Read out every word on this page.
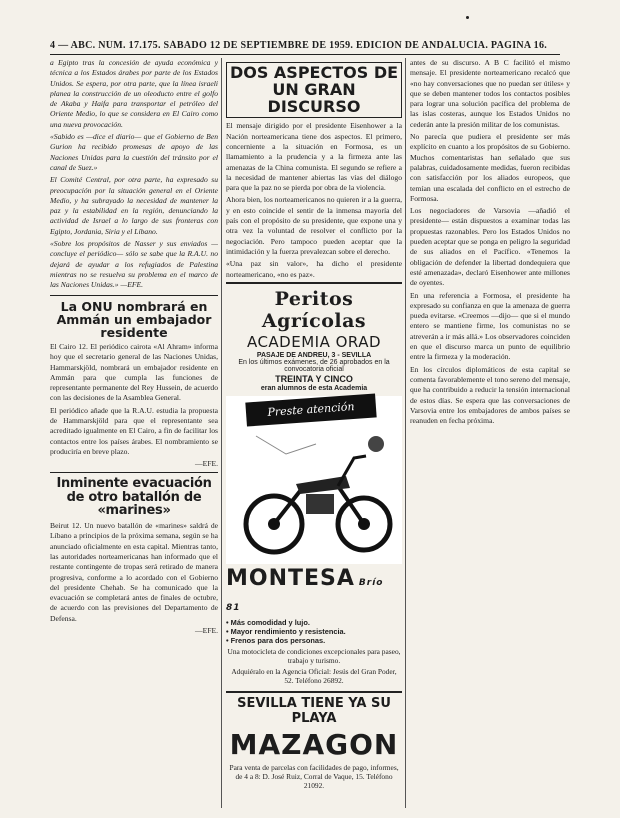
4 — ABC. NÚM. 17.175. SÁBADO 12 DE SEPTIEMBRE DE 1959. EDICIÓN DE ANDALUCÍA. PAGINA 16.

a Egipto tras la concesión de ayuda económica y técnica a los Estados árabes por parte de los Estados Unidos. Se espera, por otra parte, que la línea israelí planea la construcción de un oleoducto entre el golfo de Akaba y Haifa para transportar el petróleo del Oriente Medio, lo que se considera en El Cairo como una nueva provocación.

«Sabido es —dice el diario— que el Gobierno de Ben Gurion ha recibido promesas de apoyo de las Naciones Unidas para la cuestión del tránsito por el canal de Suez.»

El Comité Central, por otra parte, ha expresado su preocupación por la situación general en el Oriente Medio, y ha subrayado la necesidad de mantener la paz y la estabilidad en la región, denunciando la actividad de Israel a lo largo de sus fronteras con Egipto, Jordania, Siria y el Líbano.

«Sobre los propósitos de Nasser y sus enviados —concluye el periódico— sólo se sabe que la R.A.U. no dejará de ayudar a los refugiados de Palestina mientras no se resuelva su problema en el marco de las Naciones Unidas.» —EFE.

La ONU nombrará en Ammán un embajador residente

El Cairo 12. El periódico cairota «Al Ahram» informa hoy que el secretario general de las Naciones Unidas, Hammarskjöld, nombrará un embajador residente en Ammán para que cumpla las funciones de representante permanente del Rey Hussein, de acuerdo con las decisiones de la Asamblea General.

El periódico añade que la R.A.U. estudia la propuesta de Hammarskjöld para que el representante sea acreditado igualmente en El Cairo, a fin de facilitar los contactos entre los países árabes. El nombramiento se produciría en breve plazo.

—EFE.

Inminente evacuación de otro batallón de «marines»

Beirut 12. Un nuevo batallón de «marines» saldrá de Líbano a principios de la próxima semana, según se ha anunciado oficialmente en esta capital. Mientras tanto, las autoridades norteamericanas han informado que el restante contingente de tropas será retirado de manera progresiva, conforme a lo acordado con el Gobierno del presidente Chehab. Se ha comunicado que la evacuación se completará antes de finales de octubre, de acuerdo con las previsiones del Departamento de Defensa.

—EFE.

DOS ASPECTOS DE UN GRAN DISCURSO

El mensaje dirigido por el presidente Eisenhower a la Nación norteamericana tiene dos aspectos. El primero, concerniente a la situación en Formosa, es un llamamiento a la prudencia y a la firmeza ante las amenazas de la China comunista. El segundo se refiere a la necesidad de mantener abiertas las vías del diálogo para que la paz no se pierda por obra de la violencia.

Ahora bien, los norteamericanos no quieren ir a la guerra, y en esto coincide el sentir de la inmensa mayoría del país con el propósito de su presidente, que expone una y otra vez la voluntad de resolver el conflicto por la negociación. Pero tampoco pueden aceptar que la intimidación y la fuerza prevalezcan sobre el derecho.

«Una paz sin valor», ha dicho el presidente norteamericano, «no es paz».

Peritos Agrícolas

ACADEMIA ORAD

PASAJE DE ANDREU, 3 - SEVILLA

En los últimos exámenes, de 26 aprobados en la convocatoria oficial

TREINTA Y CINCO

eran alumnos de esta Academia

Preste atención

MONTESA Brío 81

• Más comodidad y lujo.
• Mayor rendimiento y resistencia.
• Frenos para dos personas.

Una motocicleta de condiciones excepcionales para paseo, trabajo y turismo.

Adquiéralo en la Agencia Oficial: Jesús del Gran Poder, 52. Teléfono 26892.

SEVILLA TIENE YA SU PLAYA

MAZAGON

Para venta de parcelas con facilidades de pago, informes, de 4 a 8: D. José Ruiz, Corral de Vaque, 15. Teléfono 21092.

antes de su discurso. A B C facilitó el mismo mensaje. El presidente norteamericano recalcó que «no hay conversaciones que no puedan ser útiles» y que se deben mantener todos los contactos posibles para lograr una solución pacífica del problema de las islas costeras, aunque los Estados Unidos no cederán ante la presión militar de los comunistas.

No parecía que pudiera el presidente ser más explícito en cuanto a los propósitos de su Gobierno. Muchos comentaristas han señalado que sus palabras, cuidadosamente medidas, fueron recibidas con satisfacción por los aliados europeos, que temían una escalada del conflicto en el estrecho de Formosa.

Los negociadores de Varsovia —añadió el presidente— están dispuestos a examinar todas las propuestas razonables. Pero los Estados Unidos no pueden aceptar que se ponga en peligro la seguridad de sus aliados en el Pacífico. «Tenemos la obligación de defender la libertad dondequiera que esté amenazada», declaró Eisenhower ante millones de oyentes.

En una referencia a Formosa, el presidente ha expresado su confianza en que la amenaza de guerra pueda evitarse. «Creemos —dijo— que si el mundo entero se mantiene firme, los comunistas no se atreverán a ir más allá.» Los observadores coinciden en que el discurso marca un punto de equilibrio entre la firmeza y la moderación.

En los círculos diplomáticos de esta capital se comenta favorablemente el tono sereno del mensaje, que ha contribuido a reducir la tensión internacional de estos días. Se espera que las conversaciones de Varsovia entre los embajadores de ambos países se reanuden en fecha próxima.
